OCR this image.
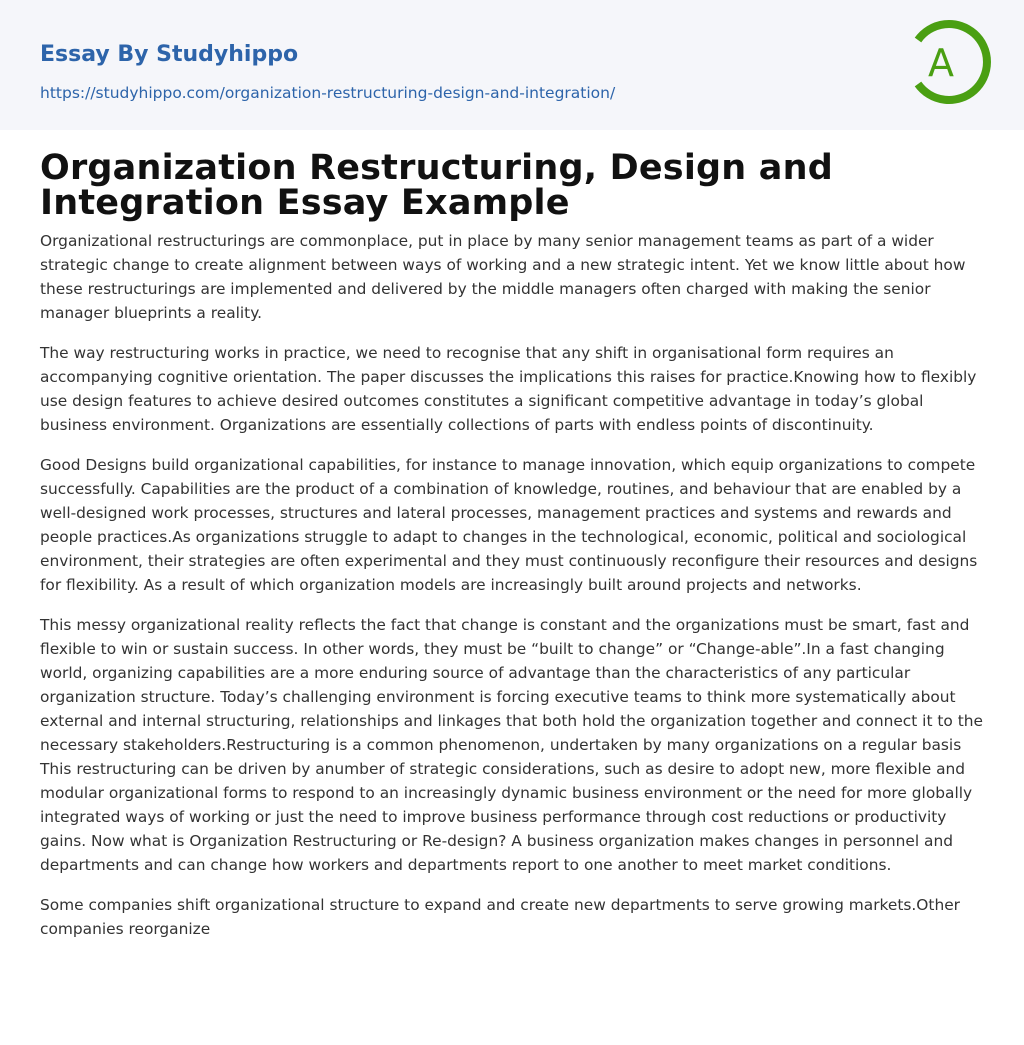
Essay By Studyhippo
https://studyhippo.com/organization-restructuring-design-and-integration/
A
Organization Restructuring, Design and Integration Essay Example

Organizational restructurings are commonplace, put in place by many senior management teams as part of a wider strategic change to create alignment between ways of working and a new strategic intent. Yet we know little about how these restructurings are implemented and delivered by the middle managers often charged with making the senior manager blueprints a reality.

The way restructuring works in practice, we need to recognise that any shift in organisational form requires an accompanying cognitive orientation. The paper discusses the implications this raises for practice.Knowing how to flexibly use design features to achieve desired outcomes constitutes a significant competitive advantage in today’s global business environment. Organizations are essentially collections of parts with endless points of discontinuity.

Good Designs build organizational capabilities, for instance to manage innovation, which equip organizations to compete successfully. Capabilities are the product of a combination of knowledge, routines, and behaviour that are enabled by a well-designed work processes, structures and lateral processes, management practices and systems and rewards and people practices.As organizations struggle to adapt to changes in the technological, economic, political and sociological environment, their strategies are often experimental and they must continuously reconfigure their resources and designs for flexibility. As a result of which organization models are increasingly built around projects and networks.

This messy organizational reality reflects the fact that change is constant and the organizations must be smart, fast and flexible to win or sustain success. In other words, they must be “built to change” or “Change-able”.In a fast changing world, organizing capabilities are a more enduring source of advantage than the characteristics of any particular organization structure. Today’s challenging environment is forcing executive teams to think more systematically about external and internal structuring, relationships and linkages that both hold the organization together and connect it to the necessary stakeholders.Restructuring is a common phenomenon, undertaken by many organizations on a regular basis This restructuring can be driven by anumber of strategic considerations, such as desire to adopt new, more flexible and modular organizational forms to respond to an increasingly dynamic business environment or the need for more globally integrated ways of working or just the need to improve business performance through cost reductions or productivity gains. Now what is Organization Restructuring or Re-design? A business organization makes changes in personnel and departments and can change how workers and departments report to one another to meet market conditions.

Some companies shift organizational structure to expand and create new departments to serve growing markets.Other companies reorganize
